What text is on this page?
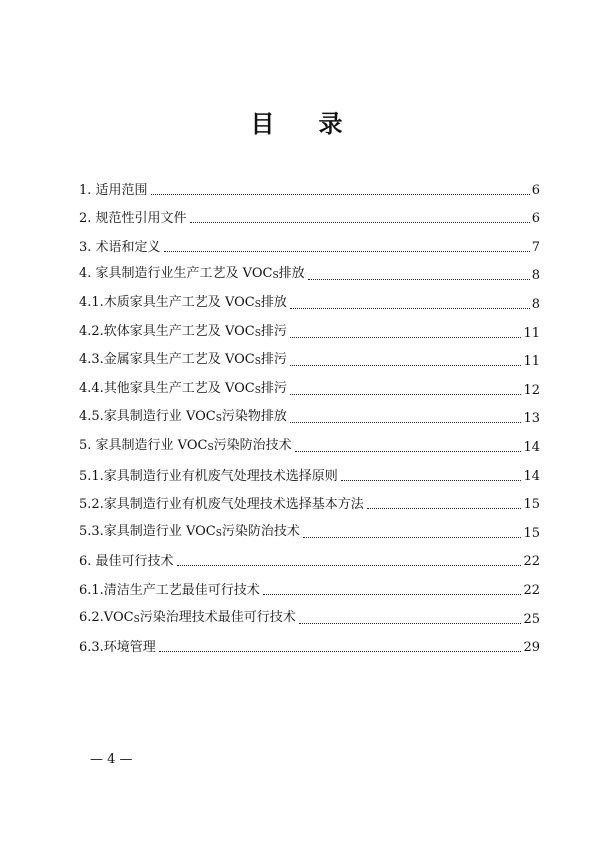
目 录
1. 适用范围	6
2. 规范性引用文件	6
3. 术语和定义	7
4. 家具制造行业生产工艺及 VOCS排放	8
4.1.木质家具生产工艺及 VOCS排放	8
4.2.软体家具生产工艺及 VOCS排污	11
4.3.金属家具生产工艺及 VOCS排污	11
4.4.其他家具生产工艺及 VOCS排污	12
4.5.家具制造行业 VOCS污染物排放	13
5. 家具制造行业 VOCS污染防治技术	14
5.1.家具制造行业有机废气处理技术选择原则	14
5.2.家具制造行业有机废气处理技术选择基本方法	15
5.3.家具制造行业 VOCS污染防治技术	15
6. 最佳可行技术	22
6.1.清洁生产工艺最佳可行技术	22
6.2.VOCS污染治理技术最佳可行技术	25
6.3.环境管理	29
— 4 —
